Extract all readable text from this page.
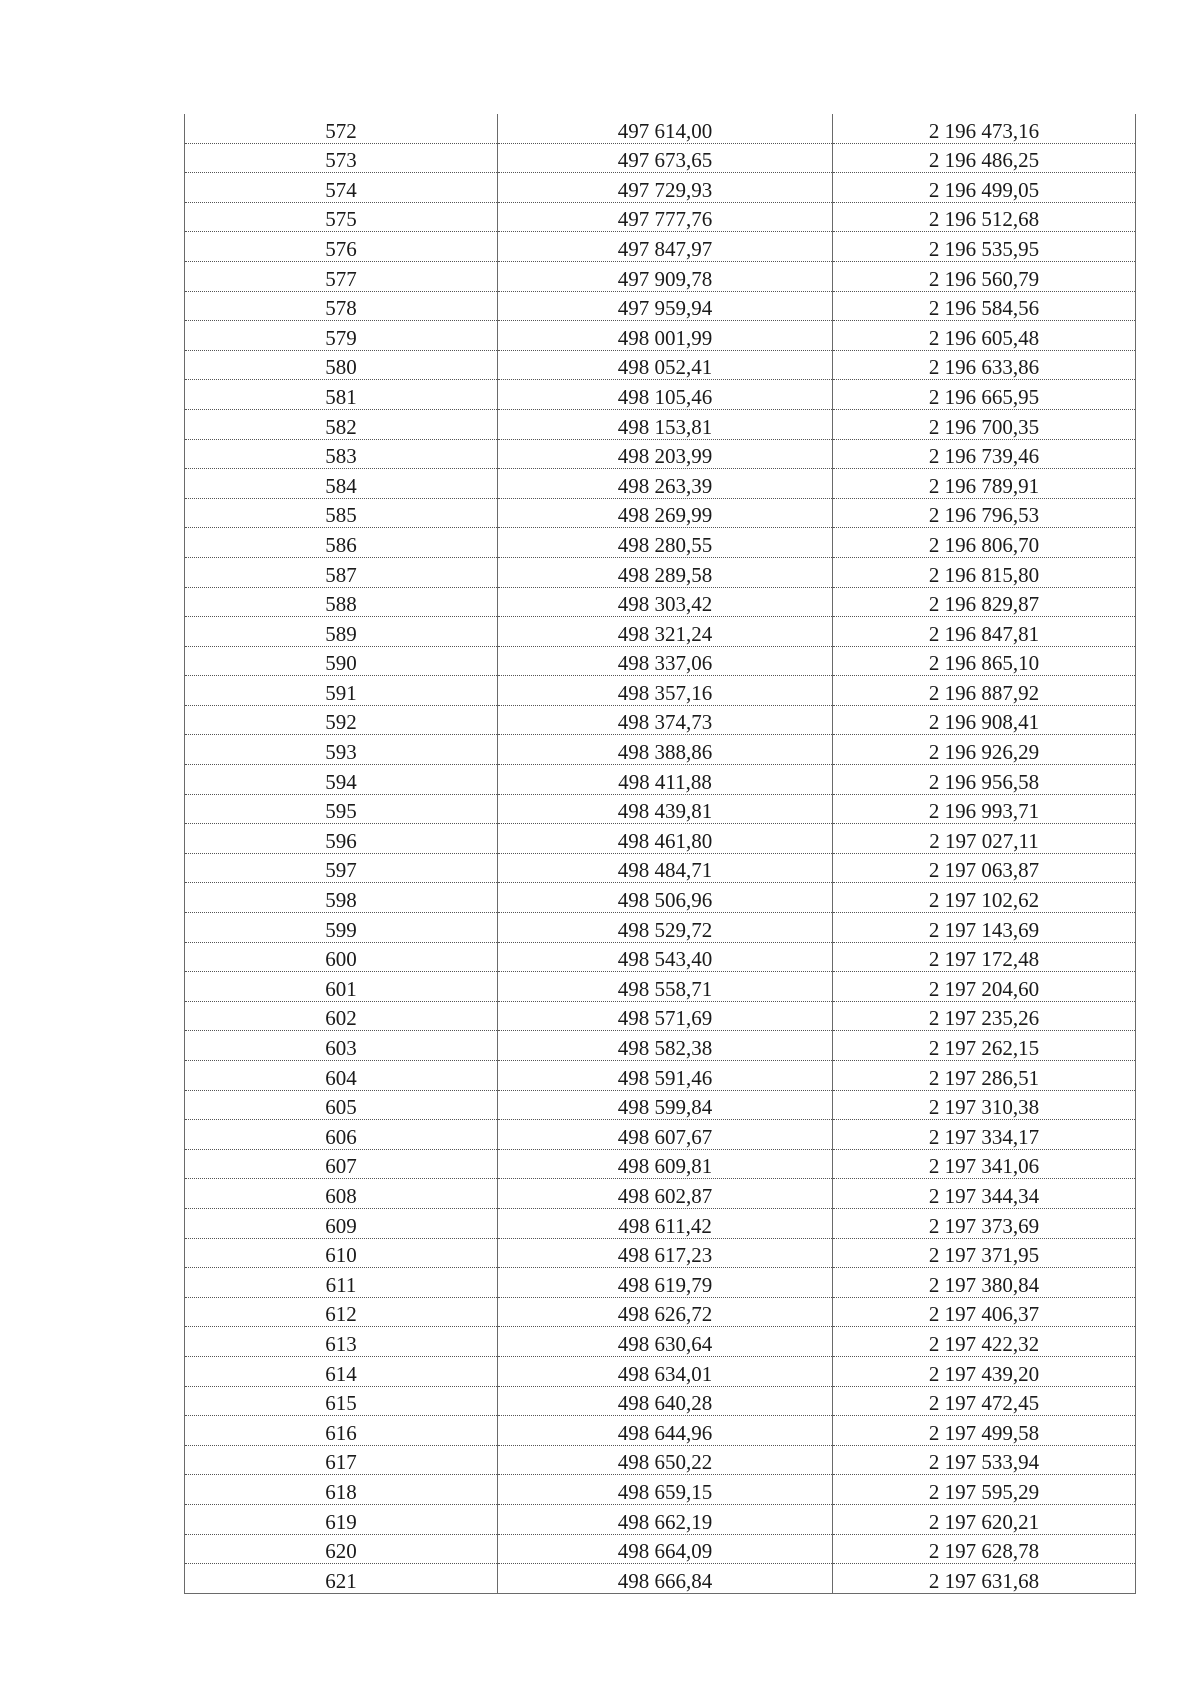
572	497 614,00	2 196 473,16
573	497 673,65	2 196 486,25
574	497 729,93	2 196 499,05
575	497 777,76	2 196 512,68
576	497 847,97	2 196 535,95
577	497 909,78	2 196 560,79
578	497 959,94	2 196 584,56
579	498 001,99	2 196 605,48
580	498 052,41	2 196 633,86
581	498 105,46	2 196 665,95
582	498 153,81	2 196 700,35
583	498 203,99	2 196 739,46
584	498 263,39	2 196 789,91
585	498 269,99	2 196 796,53
586	498 280,55	2 196 806,70
587	498 289,58	2 196 815,80
588	498 303,42	2 196 829,87
589	498 321,24	2 196 847,81
590	498 337,06	2 196 865,10
591	498 357,16	2 196 887,92
592	498 374,73	2 196 908,41
593	498 388,86	2 196 926,29
594	498 411,88	2 196 956,58
595	498 439,81	2 196 993,71
596	498 461,80	2 197 027,11
597	498 484,71	2 197 063,87
598	498 506,96	2 197 102,62
599	498 529,72	2 197 143,69
600	498 543,40	2 197 172,48
601	498 558,71	2 197 204,60
602	498 571,69	2 197 235,26
603	498 582,38	2 197 262,15
604	498 591,46	2 197 286,51
605	498 599,84	2 197 310,38
606	498 607,67	2 197 334,17
607	498 609,81	2 197 341,06
608	498 602,87	2 197 344,34
609	498 611,42	2 197 373,69
610	498 617,23	2 197 371,95
611	498 619,79	2 197 380,84
612	498 626,72	2 197 406,37
613	498 630,64	2 197 422,32
614	498 634,01	2 197 439,20
615	498 640,28	2 197 472,45
616	498 644,96	2 197 499,58
617	498 650,22	2 197 533,94
618	498 659,15	2 197 595,29
619	498 662,19	2 197 620,21
620	498 664,09	2 197 628,78
621	498 666,84	2 197 631,68
